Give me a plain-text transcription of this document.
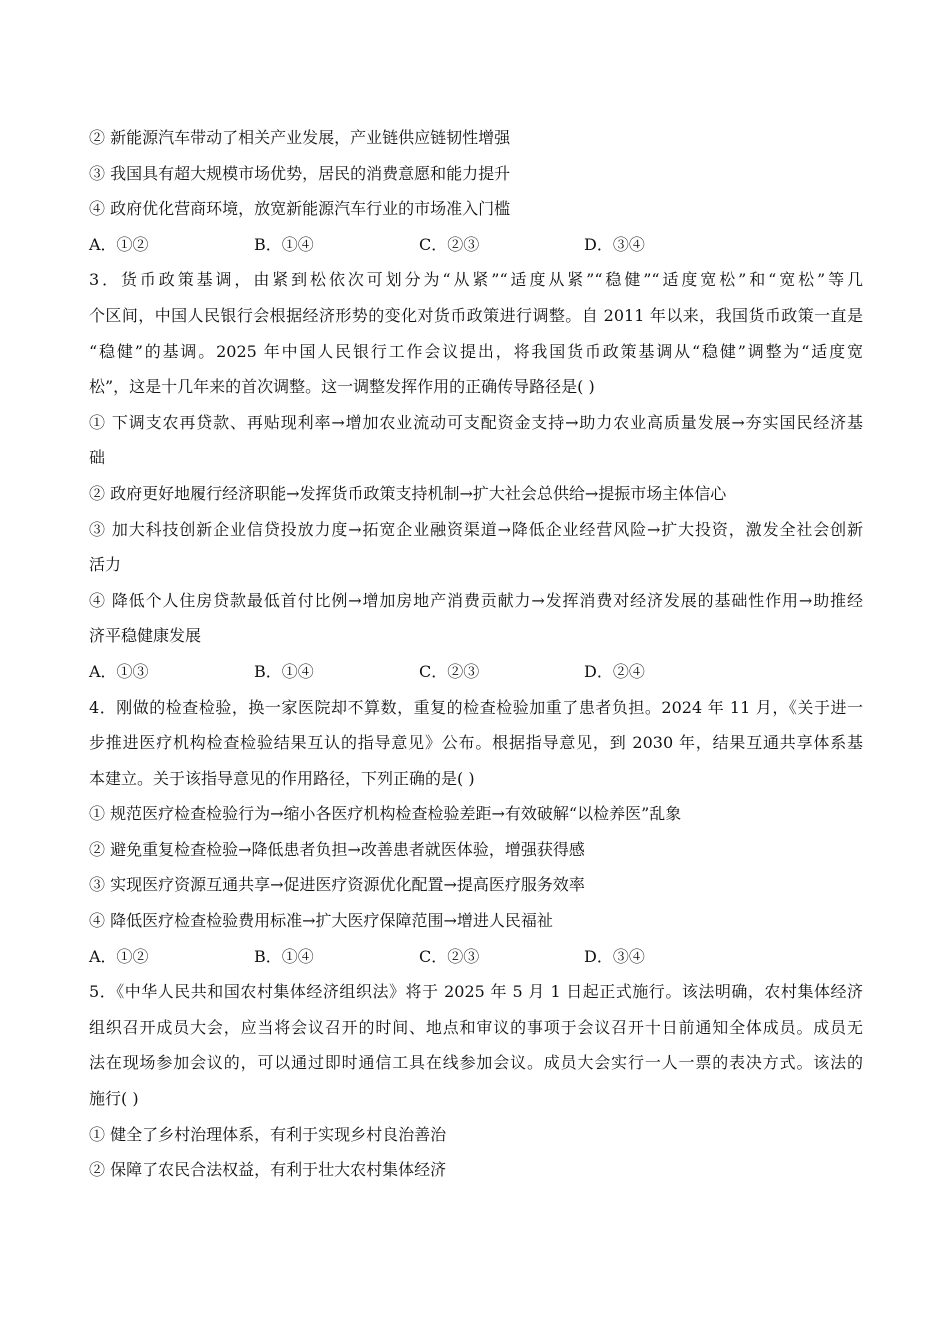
② 新能源汽车带动了相关产业发展，产业链供应链韧性增强
③ 我国具有超大规模市场优势，居民的消费意愿和能力提升
④ 政府优化营商环境，放宽新能源汽车行业的市场准入门槛
A．①②	B．①④	C．②③	D．③④
3．货币政策基调，由紧到松依次可划分为“从紧”“适度从紧”“稳健”“适度宽松”和“宽松”等几
个区间，中国人民银行会根据经济形势的变化对货币政策进行调整。自 2011 年以来，我国货币政策一直是
“稳健”的基调。2025 年中国人民银行工作会议提出，将我国货币政策基调从“稳健”调整为“适度宽
松”，这是十几年来的首次调整。这一调整发挥作用的正确传导路径是( )
① 下调支农再贷款、再贴现利率→增加农业流动可支配资金支持→助力农业高质量发展→夯实国民经济基
础
② 政府更好地履行经济职能→发挥货币政策支持机制→扩大社会总供给→提振市场主体信心
③ 加大科技创新企业信贷投放力度→拓宽企业融资渠道→降低企业经营风险→扩大投资，激发全社会创新
活力
④ 降低个人住房贷款最低首付比例→增加房地产消费贡献力→发挥消费对经济发展的基础性作用→助推经
济平稳健康发展
A．①③	B．①④	C．②③	D．②④
4．刚做的检查检验，换一家医院却不算数，重复的检查检验加重了患者负担。2024 年 11 月，《关于进一
步推进医疗机构检查检验结果互认的指导意见》公布。根据指导意见，到 2030 年，结果互通共享体系基
本建立。关于该指导意见的作用路径，下列正确的是( )
① 规范医疗检查检验行为→缩小各医疗机构检查检验差距→有效破解“以检养医”乱象
② 避免重复检查检验→降低患者负担→改善患者就医体验，增强获得感
③ 实现医疗资源互通共享→促进医疗资源优化配置→提高医疗服务效率
④ 降低医疗检查检验费用标准→扩大医疗保障范围→增进人民福祉
A．①②	B．①④	C．②③	D．③④
5．《中华人民共和国农村集体经济组织法》将于 2025 年 5 月 1 日起正式施行。该法明确，农村集体经济
组织召开成员大会，应当将会议召开的时间、地点和审议的事项于会议召开十日前通知全体成员。成员无
法在现场参加会议的，可以通过即时通信工具在线参加会议。成员大会实行一人一票的表决方式。该法的
施行( )
① 健全了乡村治理体系，有利于实现乡村良治善治
② 保障了农民合法权益，有利于壮大农村集体经济
